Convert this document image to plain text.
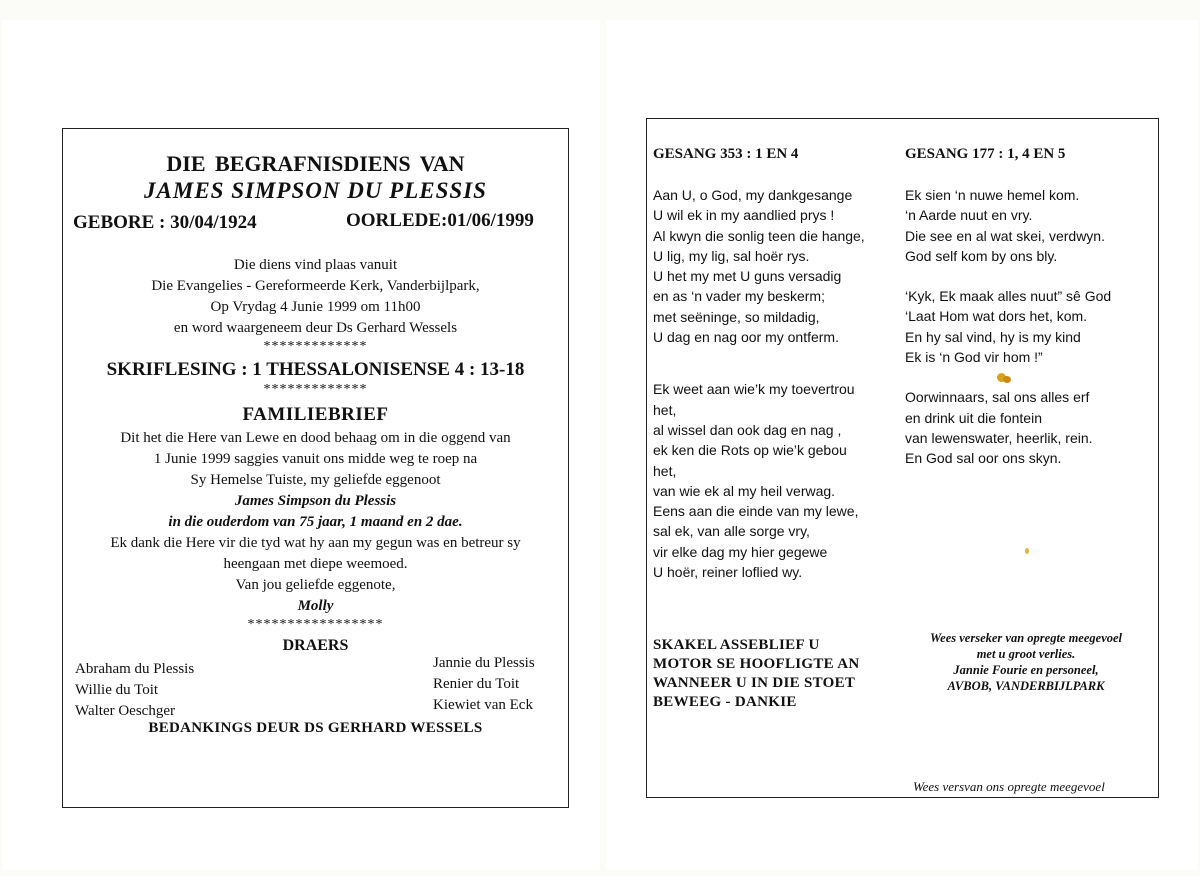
DIE BEGRAFNISDIENS VAN
JAMES SIMPSON DU PLESSIS
GEBORE : 30/04/1924	OORLEDE:01/06/1999
Die diens vind plaas vanuit
Die Evangelies - Gereformeerde Kerk, Vanderbijlpark,
Op Vrydag 4 Junie 1999 om 11h00
en word waargeneem deur Ds Gerhard Wessels
*************
SKRIFLESING : 1 THESSALONISENSE 4 : 13-18
*************
FAMILIEBRIEF
Dit het die Here van Lewe en dood behaag om in die oggend van
1 Junie 1999 saggies vanuit ons midde weg te roep na
Sy Hemelse Tuiste, my geliefde eggenoot
James Simpson du Plessis
in die ouderdom van 75 jaar, 1 maand en 2 dae.
Ek dank die Here vir die tyd wat hy aan my gegun was en betreur sy
heengaan met diepe weemoed.
Van jou geliefde eggenote,
Molly
*****************
DRAERS
Abraham du Plessis
Willie du Toit
Walter Oeschger
Jannie du Plessis
Renier du Toit
Kiewiet van Eck
BEDANKINGS DEUR DS GERHARD WESSELS
GESANG 353 : 1 EN 4	GESANG 177 : 1, 4 EN 5
Aan U, o God, my dankgesange
U wil ek in my aandlied prys !
Al kwyn die sonlig teen die hange,
U lig, my lig, sal hoër rys.
U het my met U guns versadig
en as ‘n vader my beskerm;
met seëninge, so mildadig,
U dag en nag oor my ontferm.
Ek weet aan wie’k my toevertrou
het,
al wissel dan ook dag en nag ,
ek ken die Rots op wie’k gebou
het,
van wie ek al my heil verwag.
Eens aan die einde van my lewe,
sal ek, van alle sorge vry,
vir elke dag my hier gegewe
U hoër, reiner loflied wy.
Ek sien ‘n nuwe hemel kom.
‘n Aarde nuut en vry.
Die see en al wat skei, verdwyn.
God self kom by ons bly.
‘Kyk, Ek maak alles nuut” sê God
‘Laat Hom wat dors het, kom.
En hy sal vind, hy is my kind
Ek is ‘n God vir hom !”
Oorwinnaars, sal ons alles erf
en drink uit die fontein
van lewenswater, heerlik, rein.
En God sal oor ons skyn.
SKAKEL ASSEBLIEF U
MOTOR SE HOOFLIGTE AN
WANNEER U IN DIE STOET
BEWEEG - DANKIE
Wees verseker van opregte meegevoel
met u groot verlies.
Jannie Fourie en personeel,
AVBOB, VANDERBIJLPARK
Wees versvan ons opregte meegevoel
